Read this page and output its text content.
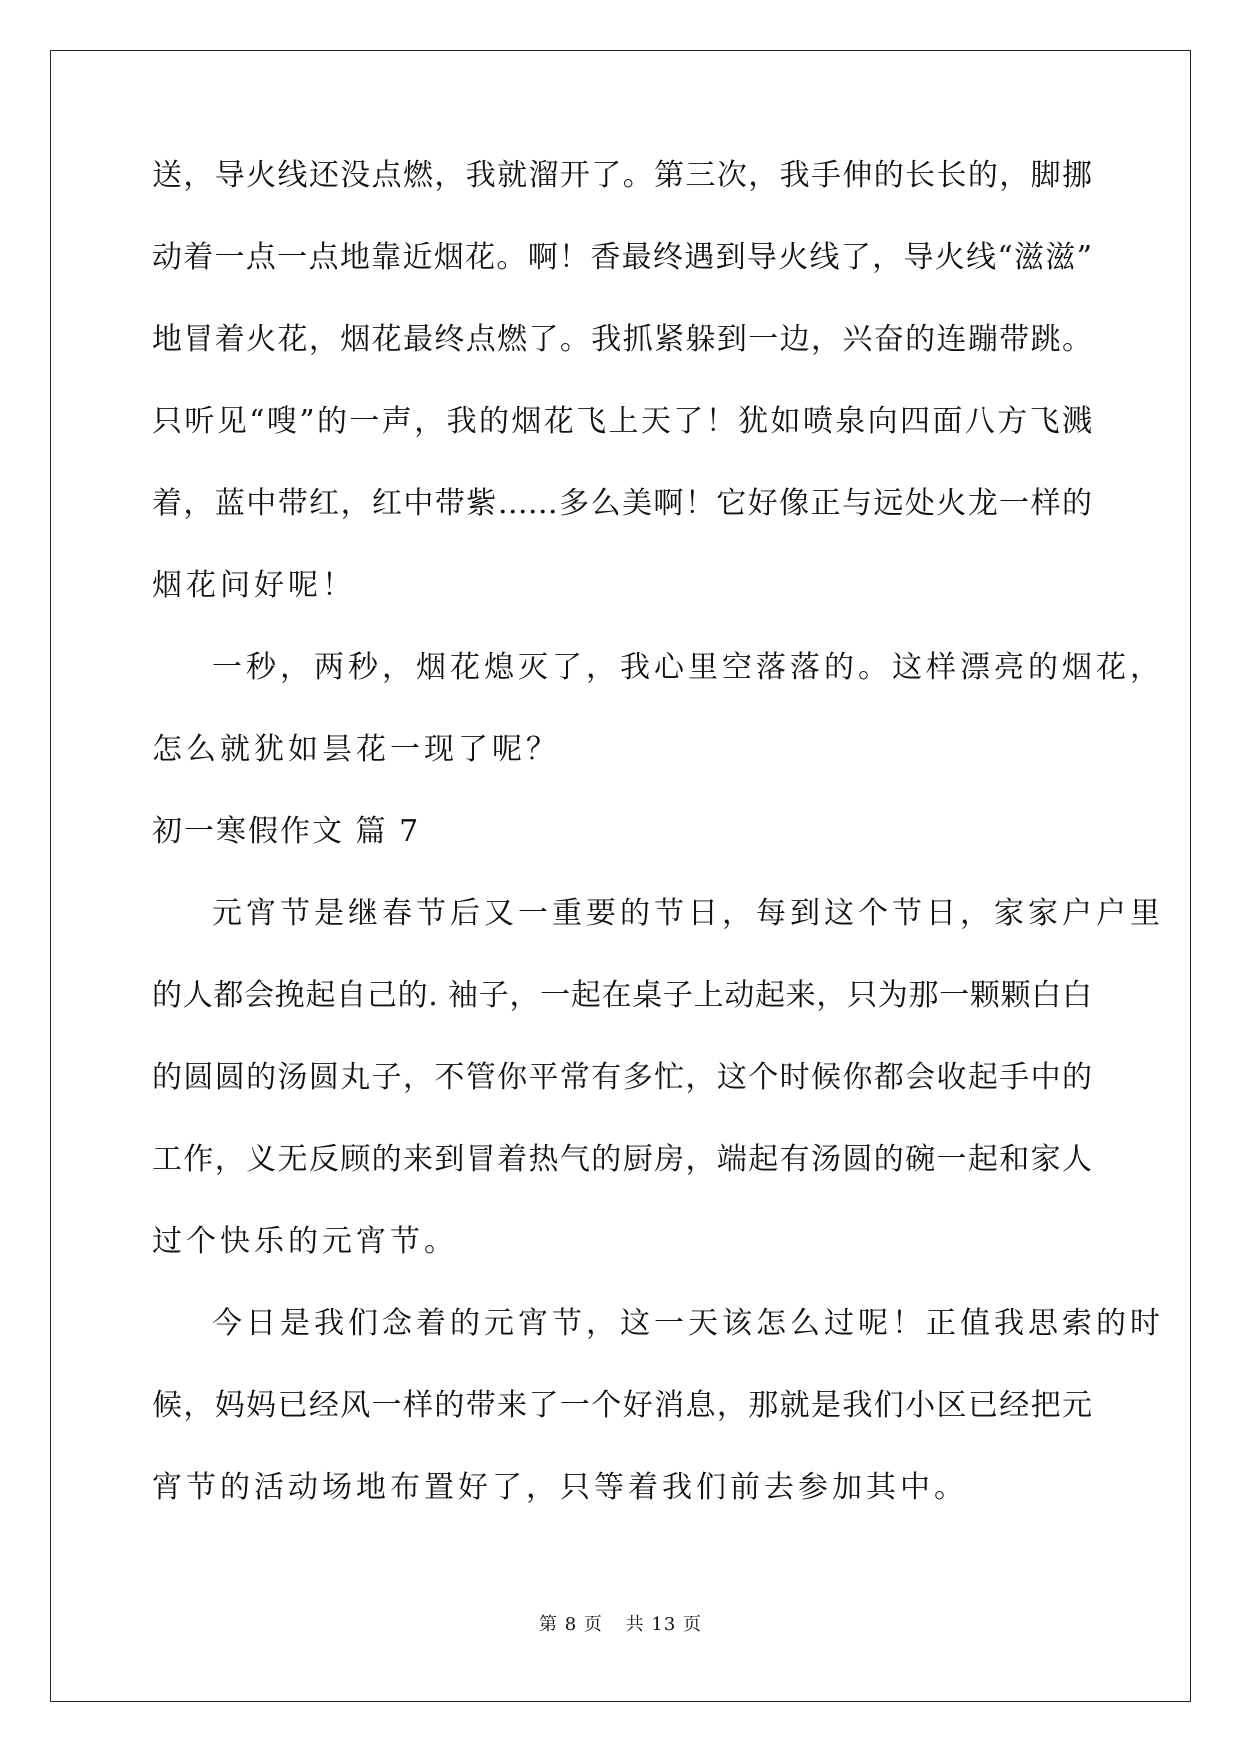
送，导火线还没点燃，我就溜开了。第三次，我手伸的长长的，脚挪
动着一点一点地靠近烟花。啊！香最终遇到导火线了，导火线“滋滋”
地冒着火花，烟花最终点燃了。我抓紧躲到一边，兴奋的连蹦带跳。
只听见“嗖”的一声，我的烟花飞上天了！犹如喷泉向四面八方飞溅
着，蓝中带红，红中带紫……多么美啊！它好像正与远处火龙一样的
烟花问好呢！
一秒，两秒，烟花熄灭了，我心里空落落的。这样漂亮的烟花，
怎么就犹如昙花一现了呢？
初一寒假作文 篇 7
元宵节是继春节后又一重要的节日，每到这个节日，家家户户里
的人都会挽起自己的. 袖子，一起在桌子上动起来，只为那一颗颗白白
的圆圆的汤圆丸子，不管你平常有多忙，这个时候你都会收起手中的
工作，义无反顾的来到冒着热气的厨房，端起有汤圆的碗一起和家人
过个快乐的元宵节。
今日是我们念着的元宵节，这一天该怎么过呢！正值我思索的时
候，妈妈已经风一样的带来了一个好消息，那就是我们小区已经把元
宵节的活动场地布置好了，只等着我们前去参加其中。
第 8 页 共 13 页
